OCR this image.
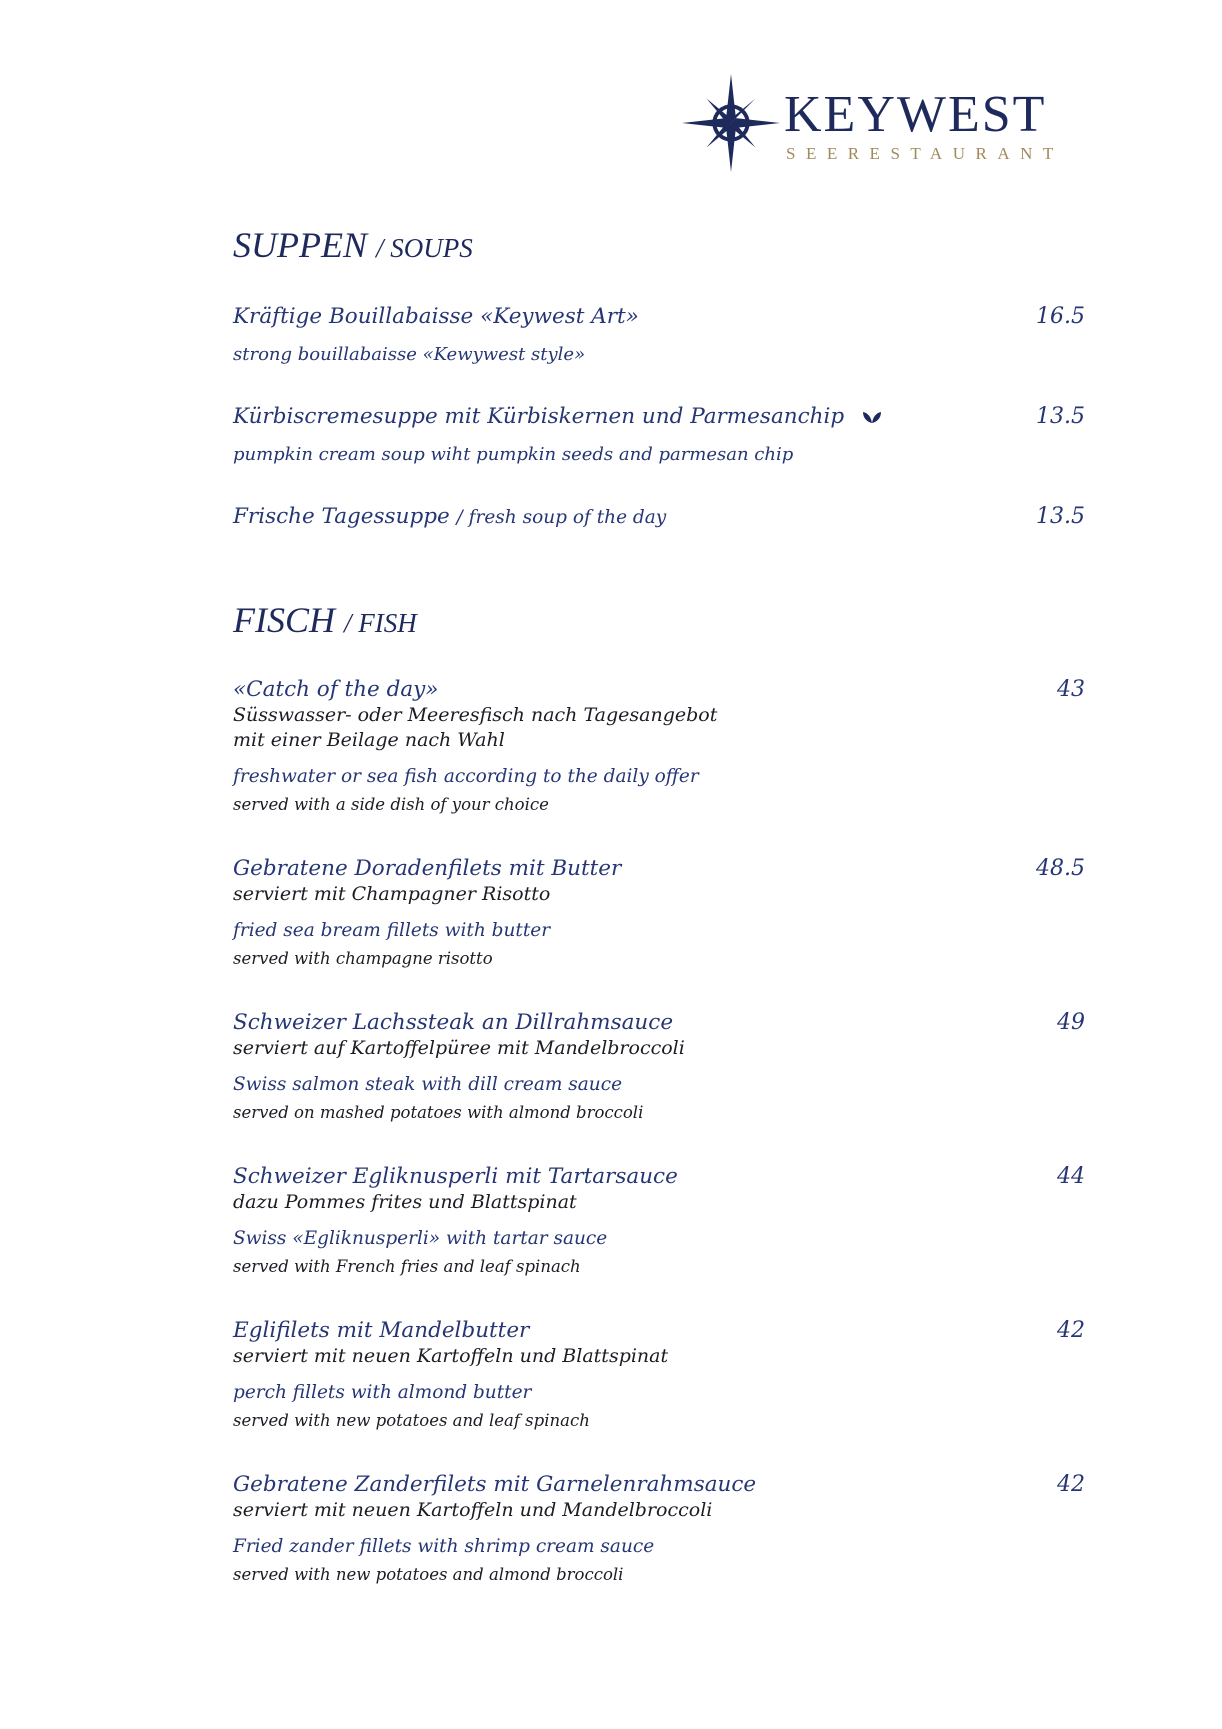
KEYWEST
SEERESTAURANT
SUPPEN / SOUPS
Kräftige Bouillabaisse «Keywest Art»	16.5
strong bouillabaisse «Kewywest style»
Kürbiscremesuppe mit Kürbiskernen und Parmesanchip	13.5
pumpkin cream soup wiht pumpkin seeds and parmesan chip
Frische Tagessuppe / fresh soup of the day	13.5
FISCH / FISH
«Catch of the day»	43
Süsswasser- oder Meeresfisch nach Tagesangebot
mit einer Beilage nach Wahl
freshwater or sea fish according to the daily offer
served with a side dish of your choice
Gebratene Doradenfilets mit Butter	48.5
serviert mit Champagner Risotto
fried sea bream fillets with butter
served with champagne risotto
Schweizer Lachssteak an Dillrahmsauce	49
serviert auf Kartoffelpüree mit Mandelbroccoli
Swiss salmon steak with dill cream sauce
served on mashed potatoes with almond broccoli
Schweizer Egliknusperli mit Tartarsauce	44
dazu Pommes frites und Blattspinat
Swiss «Egliknusperli» with tartar sauce
served with French fries and leaf spinach
Eglifilets mit Mandelbutter	42
serviert mit neuen Kartoffeln und Blattspinat
perch fillets with almond butter
served with new potatoes and leaf spinach
Gebratene Zanderfilets mit Garnelenrahmsauce	42
serviert mit neuen Kartoffeln und Mandelbroccoli
Fried zander fillets with shrimp cream sauce
served with new potatoes and almond broccoli
